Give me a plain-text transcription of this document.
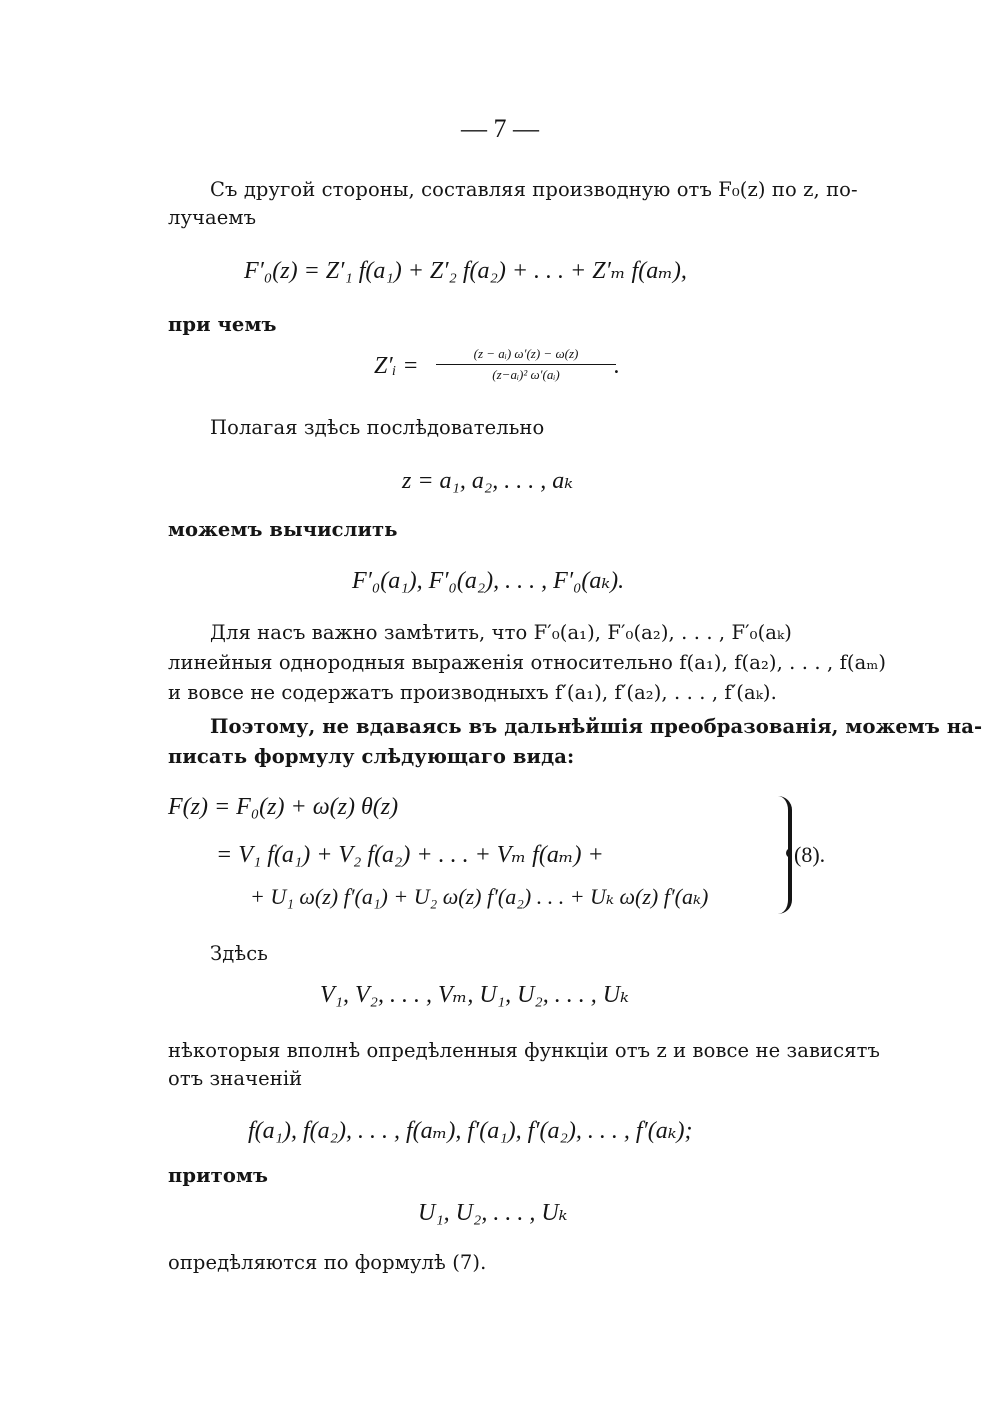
— 7 —
Съ другой стороны, составляя производную отъ F₀(z) по z, по-
лучаемъ
F′₀(z) = Z′₁ f(a₁) + Z′₂ f(a₂) + . . . + Z′ₘ f(aₘ),
при чемъ
Z′ᵢ =	(z − aᵢ) ω′(z) − ω(z)
(z−aᵢ)² ω′(aᵢ)	.
Полагая здѣсь послѣдовательно
z = a₁, a₂, . . . , aₖ
можемъ вычислить
F′₀(a₁), F′₀(a₂), . . . , F′₀(aₖ).
Для насъ важно замѣтить, что F′₀(a₁), F′₀(a₂), . . . , F′₀(aₖ)
линейныя однородныя выраженія относительно f(a₁), f(a₂), . . . , f(aₘ)
и вовсе не содержатъ производныхъ f′(a₁), f′(a₂), . . . , f′(aₖ).
Поэтому, не вдаваясь въ дальнѣйшія преобразованія, можемъ на-
писать формулу слѣдующаго вида:
F(z) = F₀(z) + ω(z) θ(z)
= V₁ f(a₁) + V₂ f(a₂) + . . . + Vₘ f(aₘ) +
+ U₁ ω(z) f′(a₁) + U₂ ω(z) f′(a₂) . . . + Uₖ ω(z) f′(aₖ)
(8).
Здѣсь
V₁, V₂, . . . , Vₘ, U₁, U₂, . . . , Uₖ
нѣкоторыя вполнѣ опредѣленныя функціи отъ z и вовсе не зависятъ
отъ значеній
f(a₁), f(a₂), . . . , f(aₘ), f′(a₁), f′(a₂), . . . , f′(aₖ);
притомъ
U₁, U₂, . . . , Uₖ
опредѣляются по формулѣ (7).
